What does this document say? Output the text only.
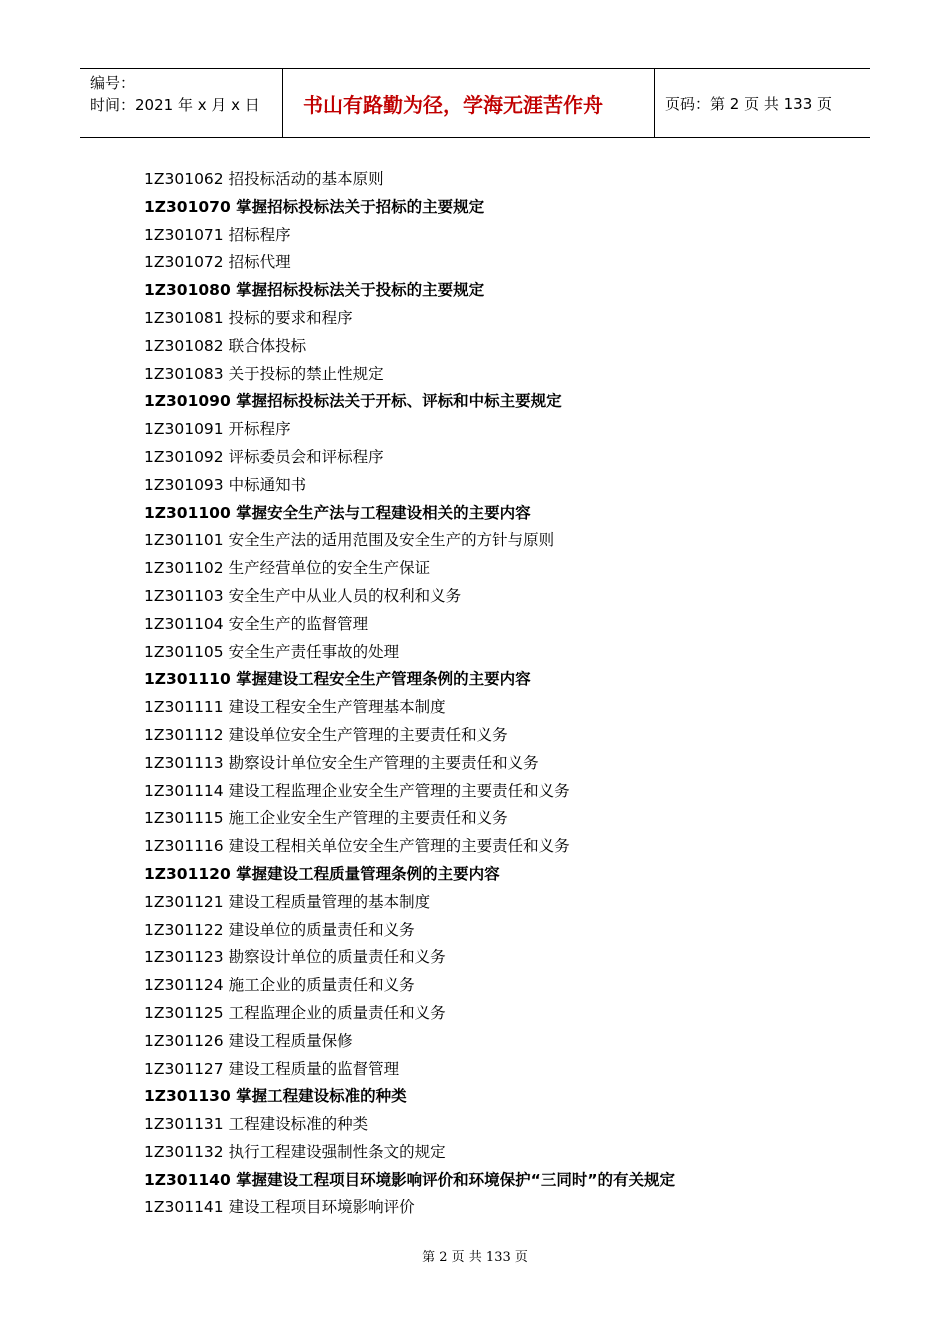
编号：
时间：2021 年 x 月 x 日	书山有路勤为径，学海无涯苦作舟	页码：第 2 页 共 133 页
1Z301062 招投标活动的基本原则
1Z301070 掌握招标投标法关于招标的主要规定
1Z301071 招标程序
1Z301072 招标代理
1Z301080 掌握招标投标法关于投标的主要规定
1Z301081 投标的要求和程序
1Z301082 联合体投标
1Z301083 关于投标的禁止性规定
1Z301090 掌握招标投标法关于开标、评标和中标主要规定
1Z301091 开标程序
1Z301092 评标委员会和评标程序
1Z301093 中标通知书
1Z301100 掌握安全生产法与工程建设相关的主要内容
1Z301101 安全生产法的适用范围及安全生产的方针与原则
1Z301102 生产经营单位的安全生产保证
1Z301103 安全生产中从业人员的权利和义务
1Z301104 安全生产的监督管理
1Z301105 安全生产责任事故的处理
1Z301110 掌握建设工程安全生产管理条例的主要内容
1Z301111 建设工程安全生产管理基本制度
1Z301112 建设单位安全生产管理的主要责任和义务
1Z301113 勘察设计单位安全生产管理的主要责任和义务
1Z301114 建设工程监理企业安全生产管理的主要责任和义务
1Z301115 施工企业安全生产管理的主要责任和义务
1Z301116 建设工程相关单位安全生产管理的主要责任和义务
1Z301120 掌握建设工程质量管理条例的主要内容
1Z301121 建设工程质量管理的基本制度
1Z301122 建设单位的质量责任和义务
1Z301123 勘察设计单位的质量责任和义务
1Z301124 施工企业的质量责任和义务
1Z301125 工程监理企业的质量责任和义务
1Z301126 建设工程质量保修
1Z301127 建设工程质量的监督管理
1Z301130 掌握工程建设标准的种类
1Z301131 工程建设标准的种类
1Z301132 执行工程建设强制性条文的规定
1Z301140 掌握建设工程项目环境影响评价和环境保护“三同时”的有关规定
1Z301141 建设工程项目环境影响评价
第 2 页 共 133 页
